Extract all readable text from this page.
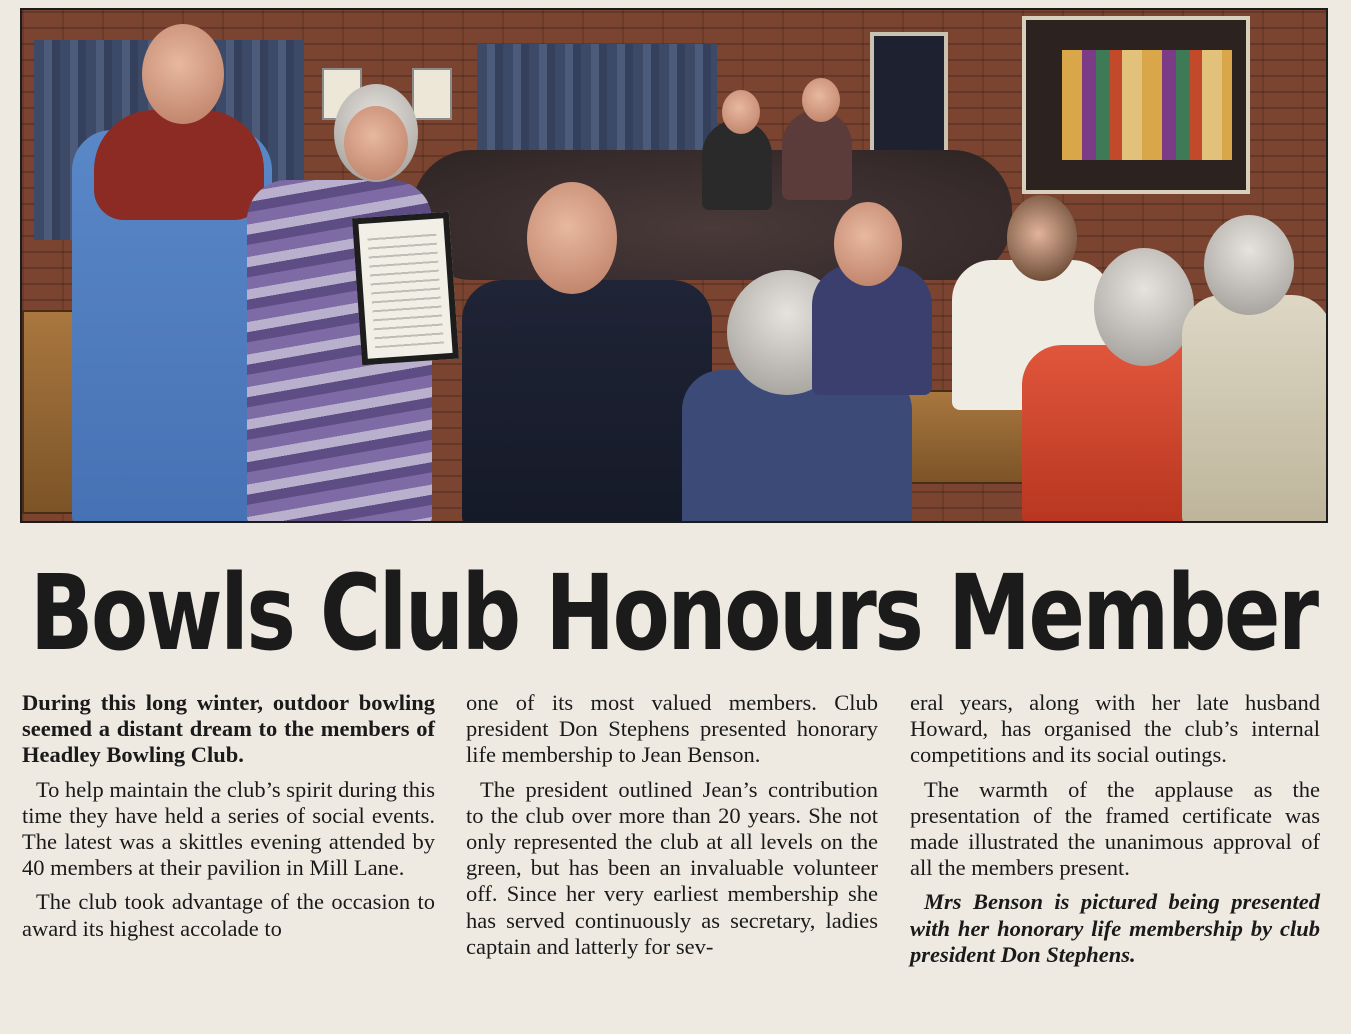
Bowls Club Honours Member

During this long winter, outdoor bowling seemed a distant dream to the members of Headley Bowling Club.

To help maintain the club’s spirit during this time they have held a series of social events. The latest was a skittles evening attended by 40 members at their pavilion in Mill Lane.

The club took advantage of the occasion to award its highest accolade to

one of its most valued members. Club president Don Stephens presented honorary life membership to Jean Benson.

The president outlined Jean’s contribution to the club over more than 20 years. She not only represented the club at all levels on the green, but has been an invaluable volunteer off. Since her very earliest membership she has served continuously as secretary, ladies captain and latterly for sev-

eral years, along with her late husband Howard, has organised the club’s internal competitions and its social outings.

The warmth of the applause as the presentation of the framed certificate was made illustrated the unanimous approval of all the members present.

Mrs Benson is pictured being presented with her honorary life membership by club president Don Stephens.
